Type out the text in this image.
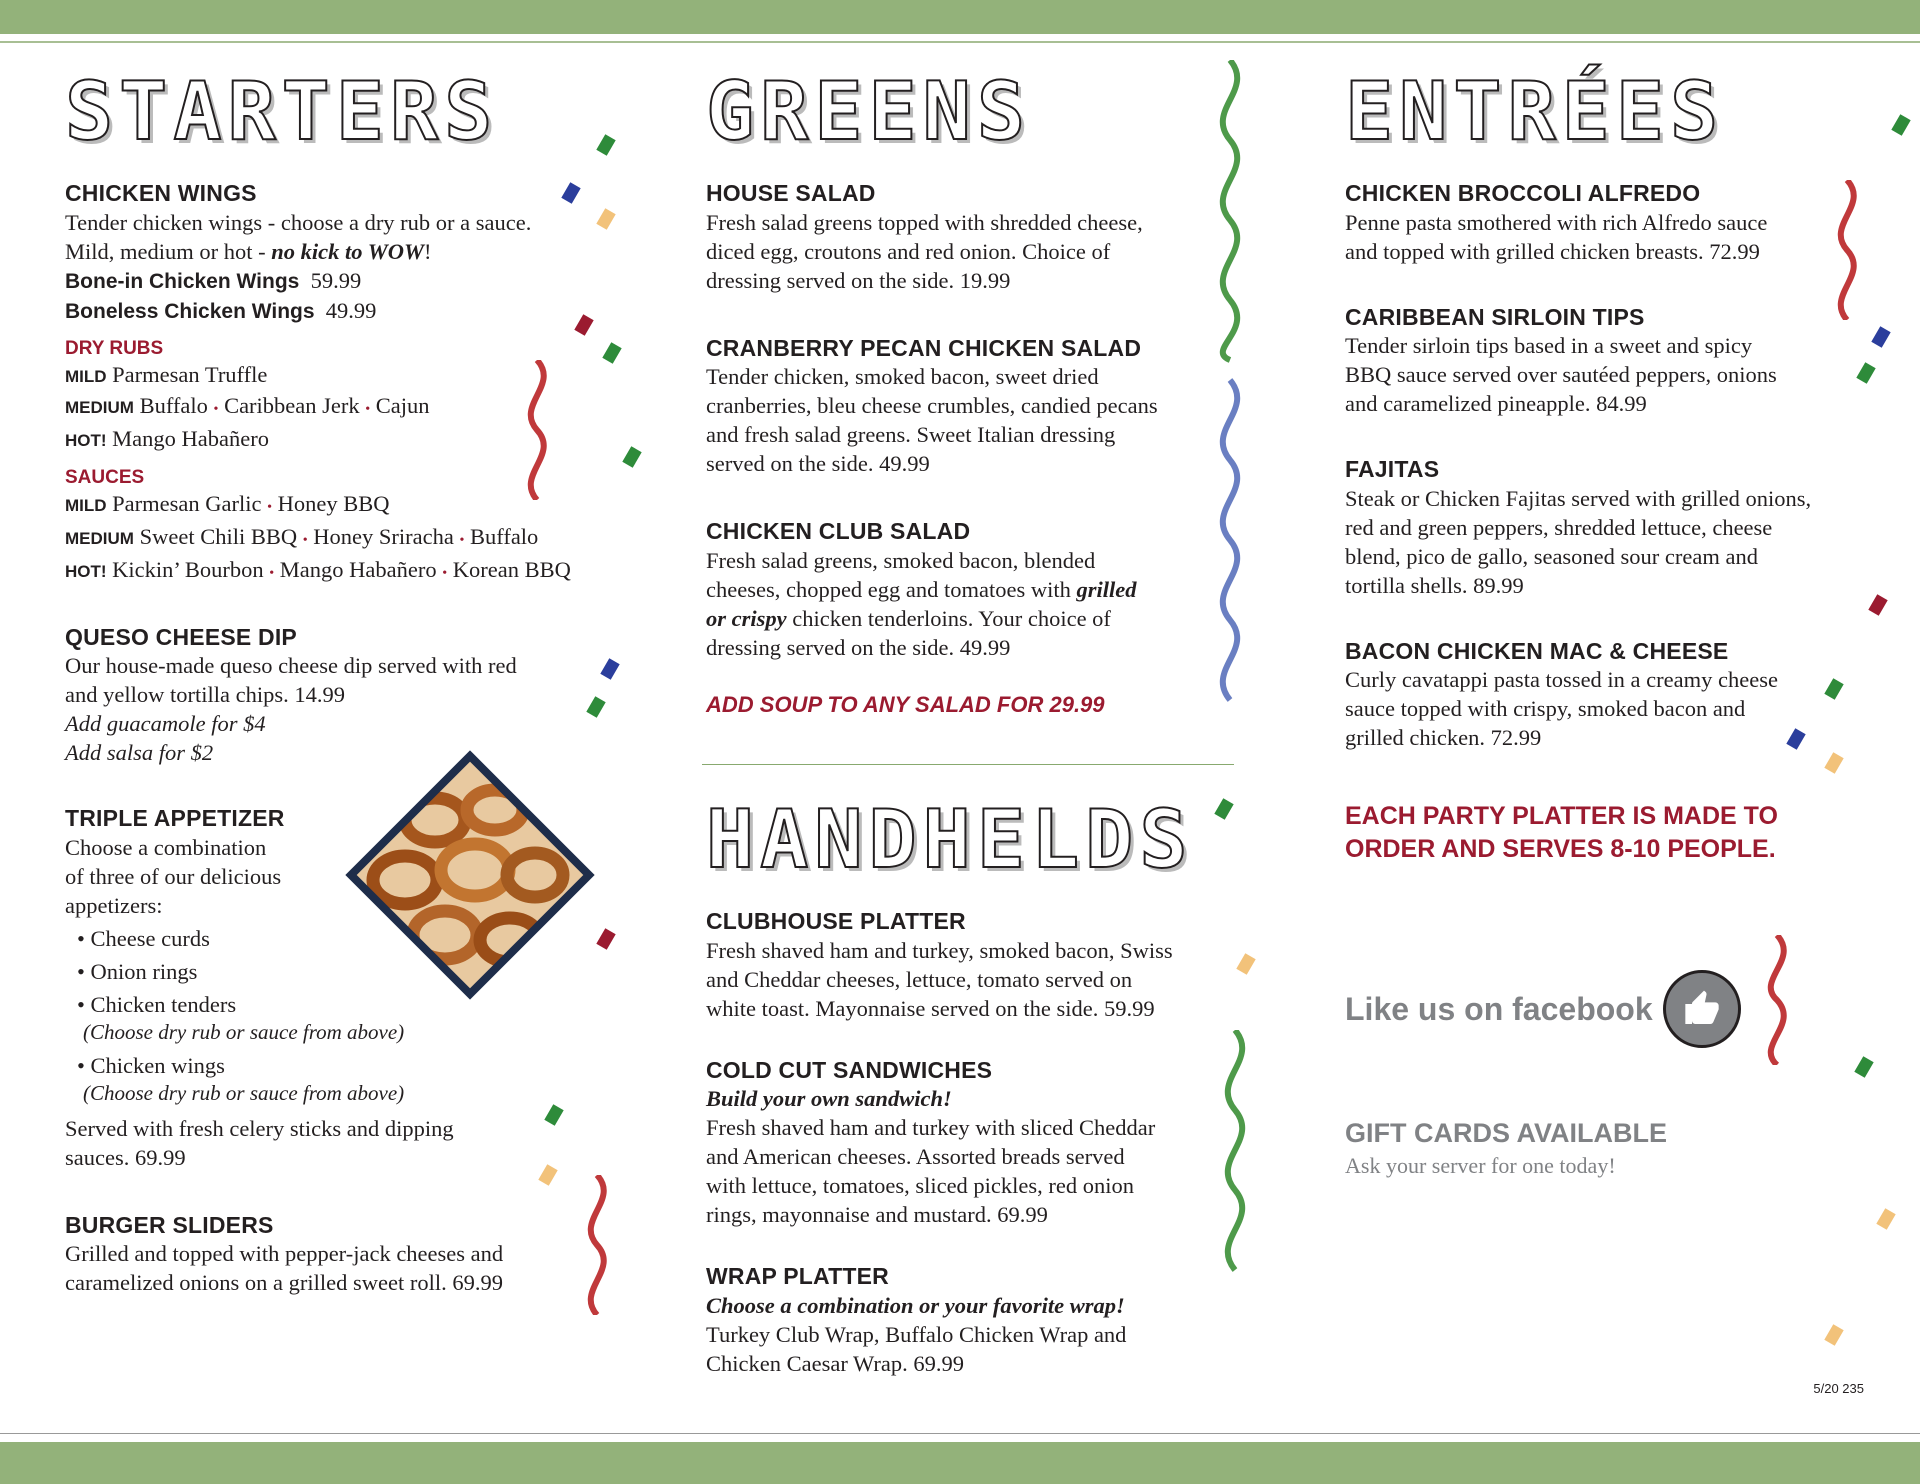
STARTERS
CHICKEN WINGS
Tender chicken wings - choose a dry rub or a sauce.
Mild, medium or hot - no kick to WOW!
Bone-in Chicken Wings 59.99
Boneless Chicken Wings 49.99
DRY RUBS
MILD Parmesan Truffle
MEDIUM Buffalo • Caribbean Jerk • Cajun
HOT! Mango Habañero
SAUCES
MILD Parmesan Garlic • Honey BBQ
MEDIUM Sweet Chili BBQ • Honey Sriracha • Buffalo
HOT! Kickin’ Bourbon • Mango Habañero • Korean BBQ
QUESO CHEESE DIP
Our house-made queso cheese dip served with red
and yellow tortilla chips. 14.99
Add guacamole for $4
Add salsa for $2
TRIPLE APPETIZER
Choose a combination
of three of our delicious
appetizers:
• Cheese curds
• Onion rings
• Chicken tenders
(Choose dry rub or sauce from above)
• Chicken wings
(Choose dry rub or sauce from above)
Served with fresh celery sticks and dipping
sauces. 69.99
BURGER SLIDERS
Grilled and topped with pepper-jack cheeses and
caramelized onions on a grilled sweet roll. 69.99
GREENS
HOUSE SALAD
Fresh salad greens topped with shredded cheese,
diced egg, croutons and red onion. Choice of
dressing served on the side. 19.99
CRANBERRY PECAN CHICKEN SALAD
Tender chicken, smoked bacon, sweet dried
cranberries, bleu cheese crumbles, candied pecans
and fresh salad greens. Sweet Italian dressing
served on the side. 49.99
CHICKEN CLUB SALAD
Fresh salad greens, smoked bacon, blended
cheeses, chopped egg and tomatoes with grilled
or crispy chicken tenderloins. Your choice of
dressing served on the side. 49.99
ADD SOUP TO ANY SALAD FOR 29.99
HANDHELDS
CLUBHOUSE PLATTER
Fresh shaved ham and turkey, smoked bacon, Swiss
and Cheddar cheeses, lettuce, tomato served on
white toast. Mayonnaise served on the side. 59.99
COLD CUT SANDWICHES
Build your own sandwich!
Fresh shaved ham and turkey with sliced Cheddar
and American cheeses. Assorted breads served
with lettuce, tomatoes, sliced pickles, red onion
rings, mayonnaise and mustard. 69.99
WRAP PLATTER
Choose a combination or your favorite wrap!
Turkey Club Wrap, Buffalo Chicken Wrap and
Chicken Caesar Wrap. 69.99
ENTRÉES
CHICKEN BROCCOLI ALFREDO
Penne pasta smothered with rich Alfredo sauce
and topped with grilled chicken breasts. 72.99
CARIBBEAN SIRLOIN TIPS
Tender sirloin tips based in a sweet and spicy
BBQ sauce served over sautéed peppers, onions
and caramelized pineapple. 84.99
FAJITAS
Steak or Chicken Fajitas served with grilled onions,
red and green peppers, shredded lettuce, cheese
blend, pico de gallo, seasoned sour cream and
tortilla shells. 89.99
BACON CHICKEN MAC & CHEESE
Curly cavatappi pasta tossed in a creamy cheese
sauce topped with crispy, smoked bacon and
grilled chicken. 72.99
EACH PARTY PLATTER IS MADE TO
ORDER AND SERVES 8-10 PEOPLE.
Like us on facebook
GIFT CARDS AVAILABLE
Ask your server for one today!
5/20 235
